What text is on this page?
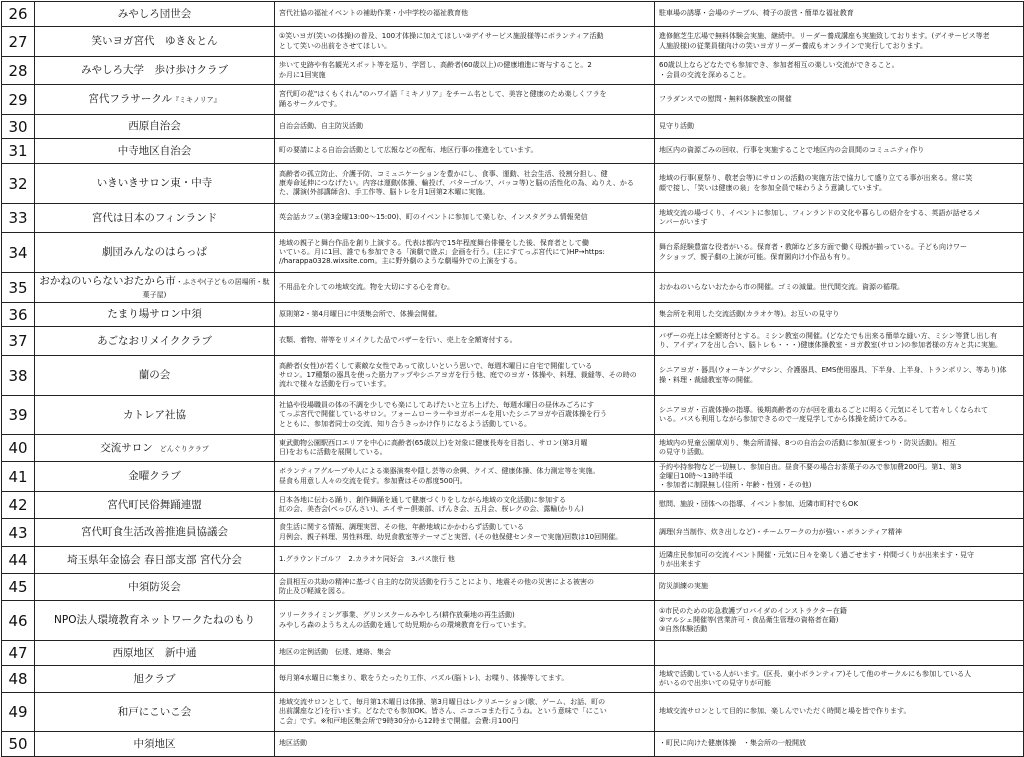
26	みやしろ団世会	宮代社協の福祉イベントの補助作業・小中学校の福祉教育他	駐車場の誘導・会場のテーブル、椅子の設営・簡単な福祉教育

27	笑いヨガ宮代　ゆき＆とん	①笑いヨガ(笑いの体操)の普及、100才体操に加えてほしい②デイサービス施設様等にボランティア活動
として笑いの出前をさせてほしい。	進修館芝生広場で無料体験会実施、継続中。リーダー養成講座も実施致しております。(デイサービス等老
人施設様)の従業員様向けの笑いヨガリーダー養成もオンラインで実行しております。

28	みやしろ大学　歩け歩けクラブ	歩いて史跡や有名観光スポット等を巡り、学習し、高齢者(60歳以上)の健康増進に寄与すること。2
か月に1回実施	60歳以上ならどなたでも参加でき、参加者相互の楽しい交流ができること。
・会員の交流を深めること。

29	宮代フラサークル『ミキノリア』	宮代町の花"はくもくれん"のハワイ語「ミキノリア」をチーム名として、美容と健康のため楽しくフラを
踊るサークルです。	フラダンスでの慰問・無料体験教室の開催

30	西原自治会	自治会活動、自主防災活動	見守り活動

31	中寺地区自治会	町の要請による自治会活動として広報などの配布、地区行事の推進をしています。	地区内の資源ごみの回収、行事を実施することで地区内の会員間のコミュニティ作り

32	いきいきサロン東・中寺	高齢者の孤立防止、介護予防、コミュニケーションを豊かにし、食事、運動、社会生活、役割分担し、健
康寿命延伸につなげたい。内容は運動(体操、輪投げ、パターゴルフ、バッコ等)と脳の活性化の為、ぬりえ、かる
た、講演(外部講師含)、手工作等、脳トレを月1回第2木曜に実施。	地域の行事(夏祭り、敬老会等)にサロンの活動の実施方法で協力して盛り立てる事が出来る。常に笑
顔で接し、「笑いは健康の泉」を参加全員で味わうよう意識しています。

33	宮代は日本のフィンランド	英会話カフェ(第3金曜13:00～15:00)、町のイベントに参加して楽しむ、インスタグラム情報発信	地域交流の場づくり、イベントに参加し、フィンランドの文化や暮らしの紹介をする、英語が話せるメ
ンバーがいます

34	劇団みんなのはらっぱ	地域の親子と舞台作品を創り上演する。代表は都内で15年程度舞台俳優をした後、保育者として働
いている。月に1回、誰でも参加できる「演劇で遊ぶ」企画を行う。(主にすてっぷ宮代にて)HP→https:
//harappa0328.wixsite.com。主に野外劇のような劇場外での上演をする。	舞台系経験豊富な役者がいる。保育者・教師など多方面で働く母親が揃っている。子ども向けワー
クショップ、親子劇の上演が可能。保育園向け小作品も有り。

35	おかねのいらないおたから市・ふさや(子どもの居場所・駄菓子屋)	不用品を介しての地域交流。物を大切にする心を育む。	おかねのいらないおたから市の開催。ゴミの減量。世代間交流。資源の循環。

36	たまり場サロン中須	原則第2・第4月曜日に中須集会所で、体操会開催。	集会所を利用した交流活動(カラオケ等)。お互いの見守り

37	あごなおリメイククラブ	衣類、着物、帯等をリメイクした品でバザーを行い、売上を全額寄付する。	バザーの売上は全額寄付とする。ミシン教室の開催。(どなたでも出来る簡単な縫い方、ミシン等貸し出し有
り、アイディアを出し合い、脳トレも・・・)健康体操教室・ヨガ教室(サロン)の参加者様の方々と共に実施。

38	蘭の会	高齢者(女性)が若くして素敵な女性であって欲しいという思いで、毎週木曜日に自宅で開催している
サロン。17種類の器具を使った筋力アップやシニアヨガを行う他、庭でのヨガ・体操や、料理、裁縫等、その時の
流れで様々な活動を行っています。	シニアヨガ・器具(ウォーキングマシン、介護器具、EMS使用器具、下半身、上半身、トランポリン、等あり)体
操・料理・裁縫教室等の開催。

39	カトレア社協	社協や役場職員の体の不調を少しでも楽にしてあげたいと立ち上げた、毎週水曜日の昼休みごろにす
てっぷ宮代で開催しているサロン。フォームローラーやヨガボールを用いたシニアヨガや百歳体操を行う
とともに、参加者同士の交流、知り合うきっかけ作りになるよう活動している。	シニアヨガ・百歳体操の指導。後期高齢者の方が回を重ねるごとに明るく元気にそして若々しくなられて
いる。バスも利用しながら参加できるので一度見学してから体操を続けてみる。

40	交流サロン　どんぐりクラブ	東武動物公園駅西口エリアを中心に高齢者(65歳以上)を対象に健康長寿を目指し、サロン(第3月曜
日)をおもに活動を展開している。	地域内の児童公園草刈り、集会所清掃、8つの自治会の活動に参加(夏まつり・防災活動)。相互
の見守り活動。

41	金曜クラブ	ボランティアグループや人による楽器演奏や隠し芸等の余興、クイズ、健康体操、体力測定等を実施。
昼食も用意し人々の交流を促す。参加費はその都度500円。	予約や持参物など一切無し、参加自由。昼食不要の場合お茶菓子のみで参加費200円。第1、第3
金曜日10時～13時半頃
・参加者に制限無し(住所・年齢・性別・その他)

42	宮代町民俗舞踊連盟	日本各地に伝わる踊り、創作舞踊を通して健康づくりをしながら地域の文化活動に参加する
紅の会、美杏会(べっぴんさい)、エイサー倶楽部、げんき会、五月会、桜レクの会、露輪(かりん)	慰問、施設・団体への指導、イベント参加、近隣市町村でもOK

43	宮代町食生活改善推進員協議会	食生活に関する情報、調理実習、その他、年齢地域にかかわらず活動している
月例会、親子料理、男性料理、幼児食教室等テーマごと実習、(その他保健センターで実施)回数は10回開催。	調理(弁当制作、炊き出しなど)・チームワークの力が強い・ボランティア精神

44	埼玉県年金協会 春日部支部 宮代分会	1.グラウンドゴルフ　2.カラオケ同好会　3.バス旅行 他	近隣庄民参加可の交流イベント開催・元気に日々を楽しく過ごせます・仲間づくりが出来ます・見守
りが出来ます

45	中須防災会	会員相互の共助の精神に基づく自主的な防災活動を行うことにより、地震その他の災害による被害の
防止及び軽減を図る。	防災訓練の実施

46	NPO法人環境教育ネットワークたねのもり	ツリークライミング事業、グリンスクールみやしろ(耕作放棄地の再生活動)
みやしろ森のようちえんの活動を通して幼児期からの環境教育を行っています。	①市民のための応急救護プロバイダのインストラクター在籍
②マルシェ開催等(営業許可・食品衛生管理の資格者在籍)
③自然体験活動

47	西原地区　新中通	地区の定例活動　伝達、連絡、集会	

48	旭クラブ	毎月第4水曜日に集まり、歌をうたったり工作、パズル(脳トレ)、お喋り、体操等してます。	地域で活動している人がいます。(区長、東小ボランティア)そして他のサークルにも参加している人
がいるので出歩いての見守りが可能

49	和戸にこいこ会	地域交流サロンとして、毎月第1木曜日は体操、第3月曜日はレクリエーション(歌、ゲーム、お話、町の
出前講座など)を行います。どなたでも参加OK。皆さん、ニコニコまた行こうね。という意味で「にこい
こ会」です。※和戸地区集会所で9時30分から12時まで開催。会費:月100円	地域交流サロンとして目的に参加、楽しんでいただく時間と場を皆で作ります。

50	中須地区	地区活動	・町民に向けた健康体操　・集会所の一般開放
